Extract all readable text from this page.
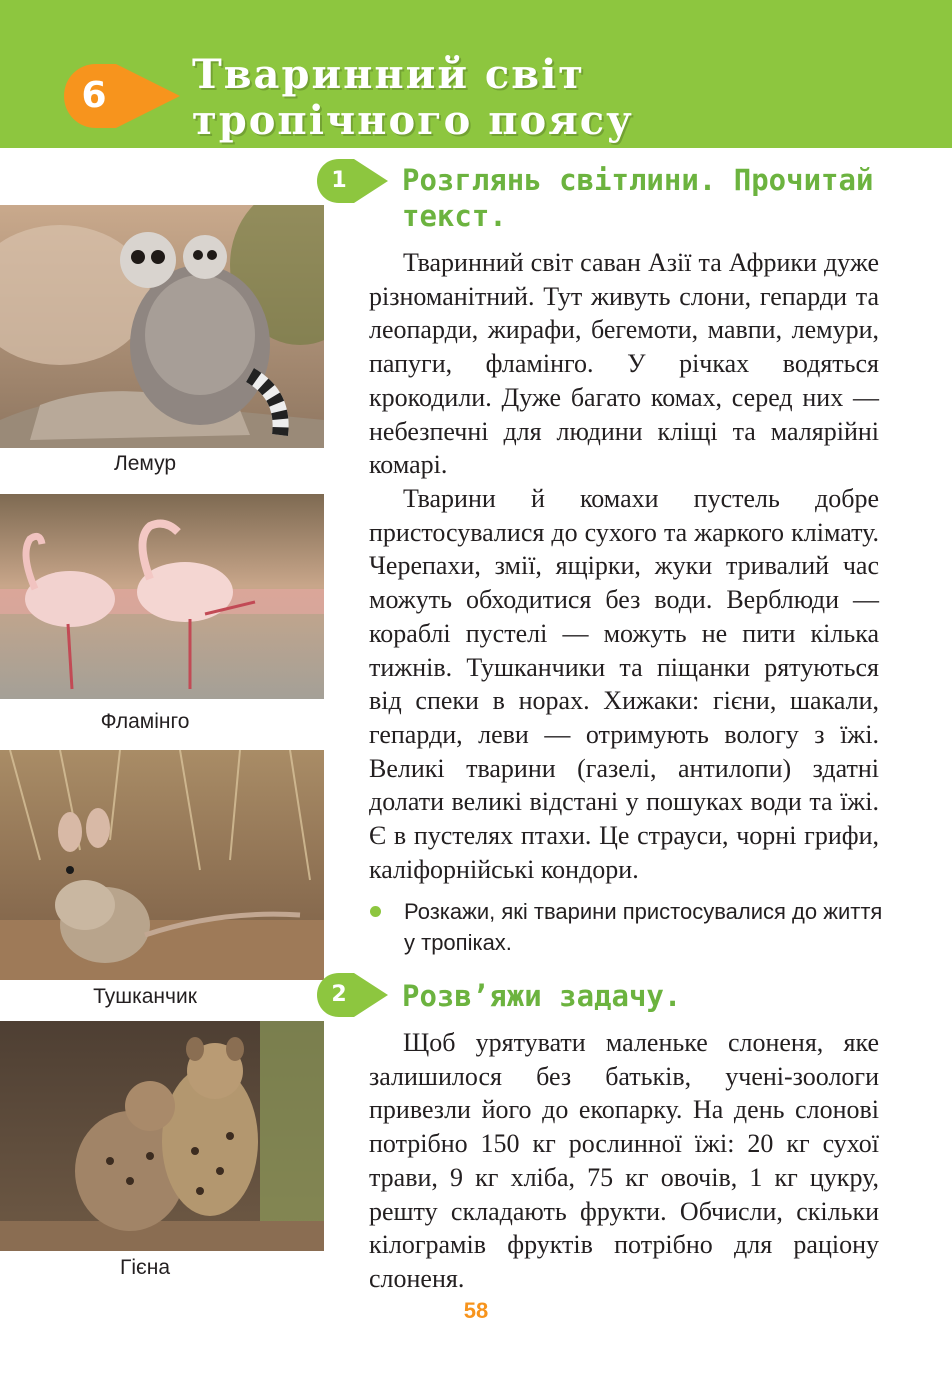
6	Тваринний світ
тропічного поясу
Лемур
Фламінго
Тушканчик
Гієна
1	Розглянь світлини. Прочитай
текст.

Тваринний світ саван Азії та Африки дуже різноманітний. Тут живуть слони, гепарди та леопарди, жирафи, бегемоти, мавпи, лемури, папуги, фламінго. У річках водяться крокодили. Дуже багато комах, серед них — небезпечні для людини кліщі та малярійні комарі.

Тварини й комахи пустель добре пристосувалися до сухого та жаркого клімату. Черепахи, змії, ящірки, жуки тривалий час можуть обходитися без води. Верблюди — кораблі пустелі — можуть не пити кілька тижнів. Тушканчики та піщанки рятуються від спеки в норах. Хижаки: гієни, шакали, гепарди, леви — отримують вологу з їжі. Великі тварини (газелі, антилопи) здатні долати великі відстані у пошуках води та їжі. Є в пустелях птахи. Це страуси, чорні грифи, каліфорнійські кондори.

Розкажи, які тварини пристосувалися до життя у тропіках.

2	Розв’яжи задачу.

Щоб урятувати маленьке слоненя, яке залишилося без батьків, учені-зоологи привезли його до екопарку. На день слонові потрібно 150 кг рослинної їжі: 20 кг сухої трави, 9 кг хліба, 75 кг овочів, 1 кг цукру, решту складають фрукти. Обчисли, скільки кілограмів фруктів потрібно для раціону слоненя.

58
